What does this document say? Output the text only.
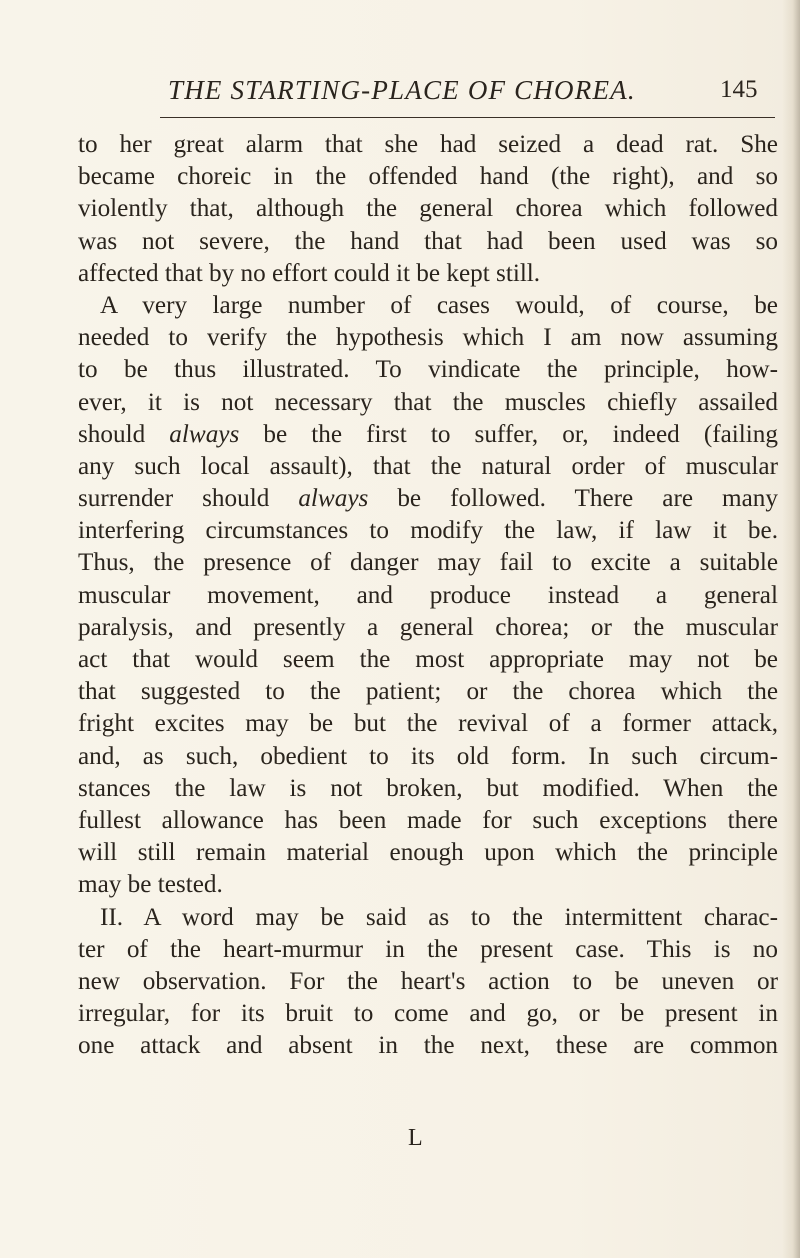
THE STARTING-PLACE OF CHOREA.	145
to her great alarm that she had seized a dead rat. She
became choreic in the offended hand (the right), and so
violently that, although the general chorea which followed
was not severe, the hand that had been used was so
affected that by no effort could it be kept still.
A very large number of cases would, of course, be
needed to verify the hypothesis which I am now assuming
to be thus illustrated. To vindicate the principle, how-
ever, it is not necessary that the muscles chiefly assailed
should always be the first to suffer, or, indeed (failing
any such local assault), that the natural order of muscular
surrender should always be followed. There are many
interfering circumstances to modify the law, if law it be.
Thus, the presence of danger may fail to excite a suitable
muscular movement, and produce instead a general
paralysis, and presently a general chorea; or the muscular
act that would seem the most appropriate may not be
that suggested to the patient; or the chorea which the
fright excites may be but the revival of a former attack,
and, as such, obedient to its old form. In such circum-
stances the law is not broken, but modified. When the
fullest allowance has been made for such exceptions there
will still remain material enough upon which the principle
may be tested.
II. A word may be said as to the intermittent charac-
ter of the heart-murmur in the present case. This is no
new observation. For the heart's action to be uneven or
irregular, for its bruit to come and go, or be present in
one attack and absent in the next, these are common
L
